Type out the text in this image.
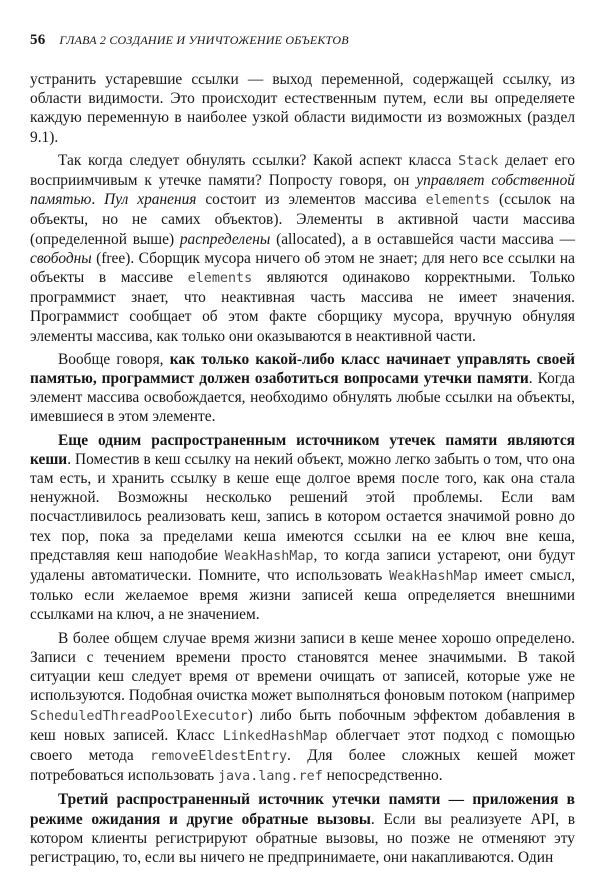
56 ГЛАВА 2 СОЗДАНИЕ И УНИЧТОЖЕНИЕ ОБЪЕКТОВ

устранить устаревшие ссылки — выход переменной, содержащей ссылку, из области видимости. Это происходит естественным путем, если вы определяете каждую переменную в наиболее узкой области видимости из возможных (раздел 9.1).

Так когда следует обнулять ссылки? Какой аспект класса Stack делает его восприимчивым к утечке памяти? Попросту говоря, он управляет собственной памятью. Пул хранения состоит из элементов массива elements (ссылок на объекты, но не самих объектов). Элементы в активной части массива (определенной выше) распределены (allocated), а в оставшейся части массива — свободны (free). Сборщик мусора ничего об этом не знает; для него все ссылки на объекты в массиве elements являются одинаково корректными. Только программист знает, что неактивная часть массива не имеет значения. Программист сообщает об этом факте сборщику мусора, вручную обнуляя элементы массива, как только они оказываются в неактивной части.

Вообще говоря, как только какой-либо класс начинает управлять своей памятью, программист должен озаботиться вопросами утечки памяти. Когда элемент массива освобождается, необходимо обнулять любые ссылки на объекты, имевшиеся в этом элементе.

Еще одним распространенным источником утечек памяти являются кеши. Поместив в кеш ссылку на некий объект, можно легко забыть о том, что она там есть, и хранить ссылку в кеше еще долгое время после того, как она стала ненужной. Возможны несколько решений этой проблемы. Если вам посчастливилось реализовать кеш, запись в котором остается значимой ровно до тех пор, пока за пределами кеша имеются ссылки на ее ключ вне кеша, представляя кеш наподобие WeakHashMap, то когда записи устареют, они будут удалены автоматически. Помните, что использовать WeakHashMap имеет смысл, только если желаемое время жизни записей кеша определяется внешними ссылками на ключ, а не значением.

В более общем случае время жизни записи в кеше менее хорошо определено. Записи с течением времени просто становятся менее значимыми. В такой ситуации кеш следует время от времени очищать от записей, которые уже не используются. Подобная очистка может выполняться фоновым потоком (например ScheduledThreadPoolExecutor) либо быть побочным эффектом добавления в кеш новых записей. Класс LinkedHashMap облегчает этот подход с помощью своего метода removeEldestEntry. Для более сложных кешей может потребоваться использовать java.lang.ref непосредственно.

Третий распространенный источник утечки памяти — приложения в режиме ожидания и другие обратные вызовы. Если вы реализуете API, в котором клиенты регистрируют обратные вызовы, но позже не отменяют эту регистрацию, то, если вы ничего не предпринимаете, они накапливаются. Один
